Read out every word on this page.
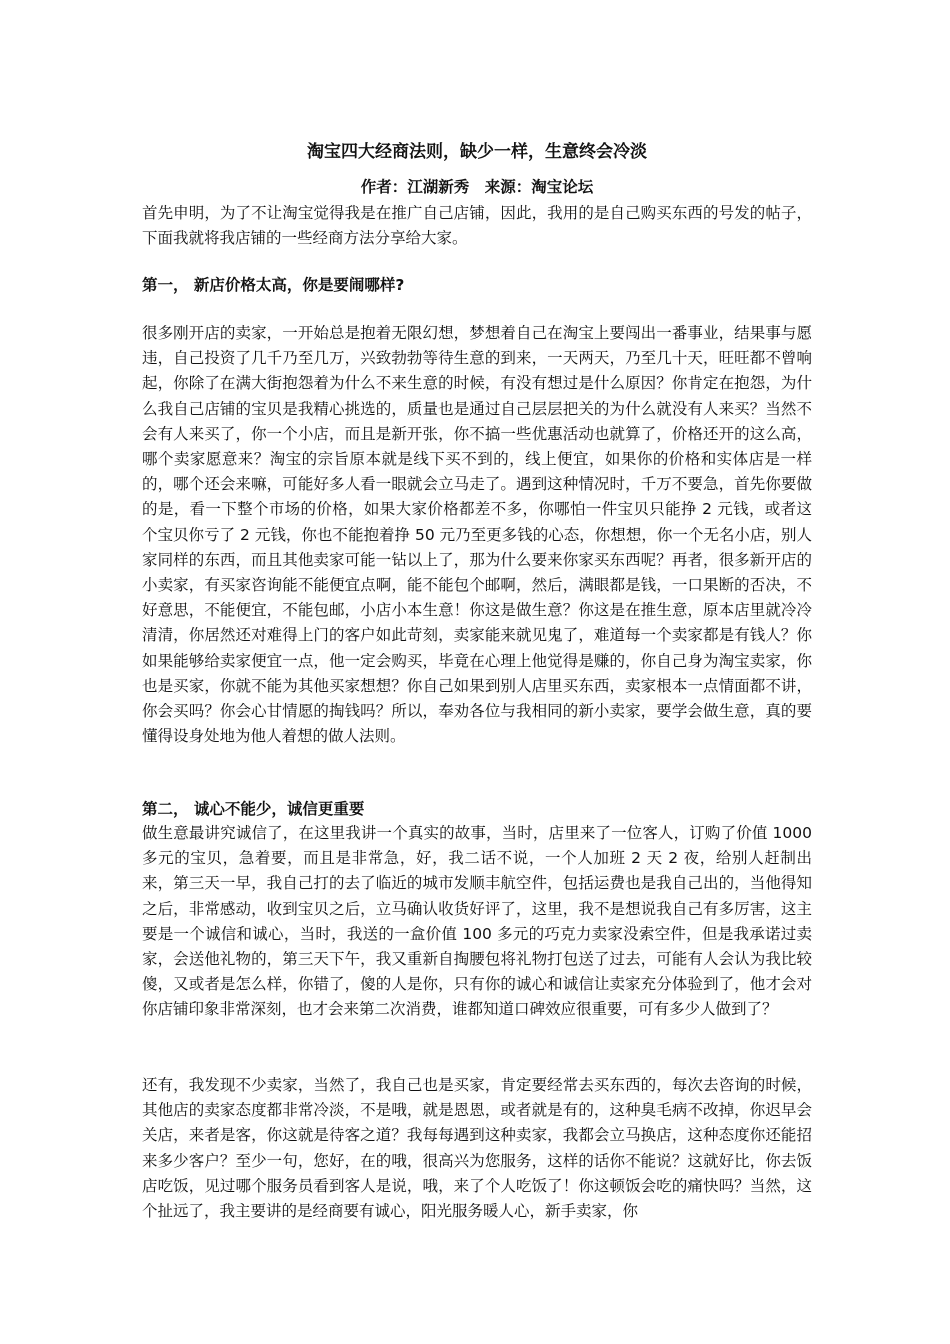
淘宝四大经商法则，缺少一样，生意终会冷淡
作者：江湖新秀　来源：淘宝论坛
首先申明，为了不让淘宝觉得我是在推广自己店铺，因此，我用的是自己购买东西的号发的帖子，下面我就将我店铺的一些经商方法分享给大家。
第一， 新店价格太高，你是要闹哪样?
很多刚开店的卖家，一开始总是抱着无限幻想，梦想着自己在淘宝上要闯出一番事业，结果事与愿违，自己投资了几千乃至几万，兴致勃勃等待生意的到来，一天两天，乃至几十天，旺旺都不曾响起，你除了在满大街抱怨着为什么不来生意的时候，有没有想过是什么原因？你肯定在抱怨，为什么我自己店铺的宝贝是我精心挑选的，质量也是通过自己层层把关的为什么就没有人来买？当然不会有人来买了，你一个小店，而且是新开张，你不搞一些优惠活动也就算了，价格还开的这么高，哪个卖家愿意来？淘宝的宗旨原本就是线下买不到的，线上便宜，如果你的价格和实体店是一样的，哪个还会来嘛，可能好多人看一眼就会立马走了。遇到这种情况时，千万不要急，首先你要做的是，看一下整个市场的价格，如果大家价格都差不多，你哪怕一件宝贝只能挣 2 元钱，或者这个宝贝你亏了 2 元钱，你也不能抱着挣 50 元乃至更多钱的心态，你想想，你一个无名小店，别人家同样的东西，而且其他卖家可能一钻以上了，那为什么要来你家买东西呢？再者，很多新开店的小卖家，有买家咨询能不能便宜点啊，能不能包个邮啊，然后，满眼都是钱，一口果断的否决，不好意思，不能便宜，不能包邮，小店小本生意！你这是做生意？你这是在推生意，原本店里就冷冷清清，你居然还对难得上门的客户如此苛刻，卖家能来就见鬼了，难道每一个卖家都是有钱人？你如果能够给卖家便宜一点，他一定会购买，毕竟在心理上他觉得是赚的，你自己身为淘宝卖家，你也是买家，你就不能为其他买家想想？你自己如果到别人店里买东西，卖家根本一点情面都不讲，你会买吗？你会心甘情愿的掏钱吗？所以，奉劝各位与我相同的新小卖家，要学会做生意，真的要懂得设身处地为他人着想的做人法则。
第二， 诚心不能少，诚信更重要
做生意最讲究诚信了，在这里我讲一个真实的故事，当时，店里来了一位客人，订购了价值 1000 多元的宝贝，急着要，而且是非常急，好，我二话不说，一个人加班 2 天 2 夜，给别人赶制出来，第三天一早，我自己打的去了临近的城市发顺丰航空件，包括运费也是我自己出的，当他得知之后，非常感动，收到宝贝之后，立马确认收货好评了，这里，我不是想说我自己有多厉害，这主要是一个诚信和诚心，当时，我送的一盒价值 100 多元的巧克力卖家没索空件，但是我承诺过卖家，会送他礼物的，第三天下午，我又重新自掏腰包将礼物打包送了过去，可能有人会认为我比较傻，又或者是怎么样，你错了，傻的人是你，只有你的诚心和诚信让卖家充分体验到了，他才会对你店铺印象非常深刻，也才会来第二次消费，谁都知道口碑效应很重要，可有多少人做到了？
还有，我发现不少卖家，当然了，我自己也是买家，肯定要经常去买东西的，每次去咨询的时候，其他店的卖家态度都非常冷淡，不是哦，就是恩恩，或者就是有的，这种臭毛病不改掉，你迟早会关店，来者是客，你这就是待客之道？我每每遇到这种卖家，我都会立马换店，这种态度你还能招来多少客户？至少一句，您好，在的哦，很高兴为您服务，这样的话你不能说？这就好比，你去饭店吃饭，见过哪个服务员看到客人是说，哦，来了个人吃饭了！你这顿饭会吃的痛快吗？当然，这个扯远了，我主要讲的是经商要有诚心，阳光服务暖人心，新手卖家，你
